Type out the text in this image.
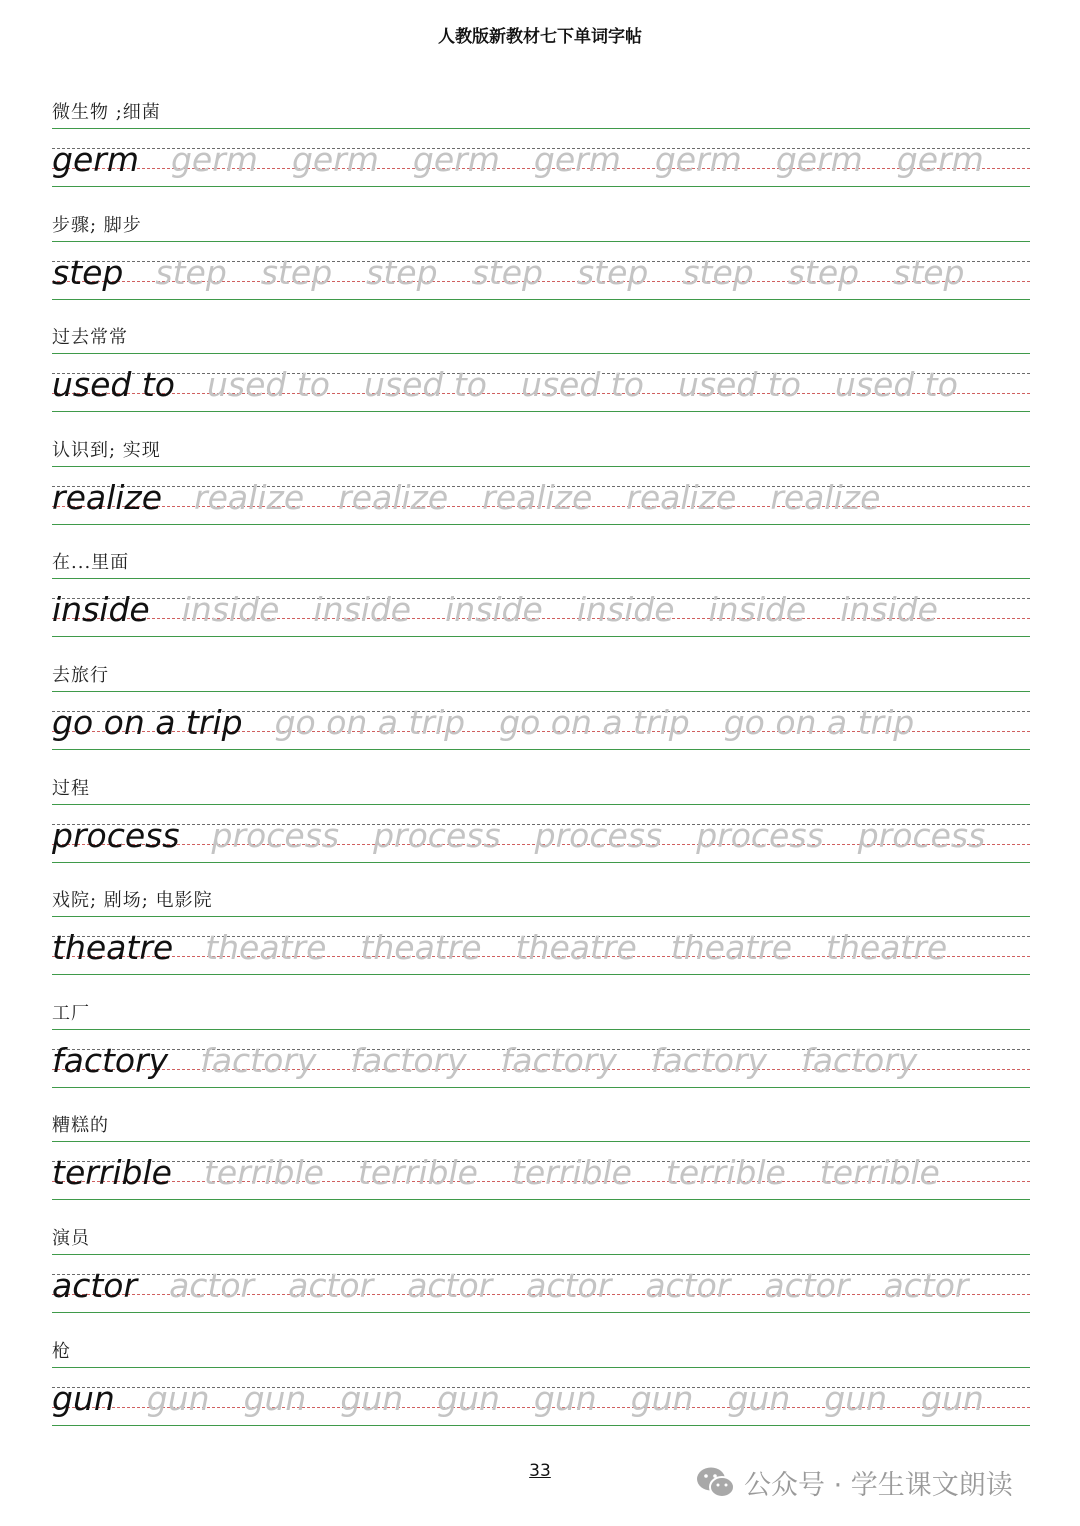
人教版新教材七下单词字帖
微生物 ;细菌
germ germ germ germ germ germ germ germ
步骤; 脚步
step step step step step step step step step
过去常常
used to used to used to used to used to used to
认识到; 实现
realize realize realize realize realize realize
在...里面
inside inside inside inside inside inside inside
去旅行
go on a trip go on a trip go on a trip go on a trip
过程
process process process process process process
戏院; 剧场; 电影院
theatre theatre theatre theatre theatre theatre
工厂
factory factory factory factory factory factory
糟糕的
terrible terrible terrible terrible terrible terrible
演员
actor actor actor actor actor actor actor actor
枪
gun gun gun gun gun gun gun gun gun gun
33	公众号 · 学生课文朗读
